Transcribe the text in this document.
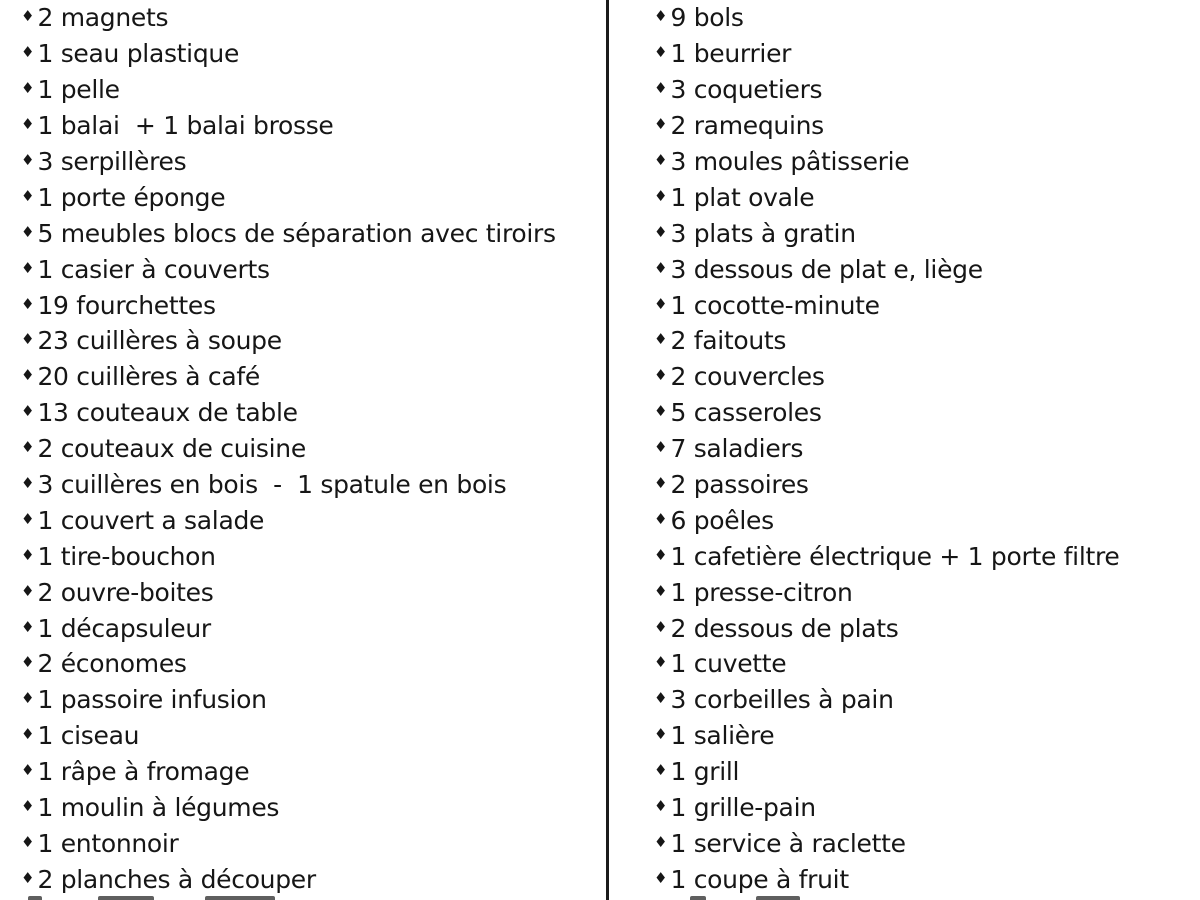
♦ 2 magnets
♦ 1 seau plastique
♦ 1 pelle
♦ 1 balai  + 1 balai brosse
♦ 3 serpillères
♦ 1 porte éponge
♦ 5 meubles blocs de séparation avec tiroirs
♦ 1 casier à couverts
♦ 19 fourchettes
♦ 23 cuillères à soupe
♦ 20 cuillères à café
♦ 13 couteaux de table
♦ 2 couteaux de cuisine
♦ 3 cuillères en bois  -  1 spatule en bois
♦ 1 couvert a salade
♦ 1 tire-bouchon
♦ 2 ouvre-boites
♦ 1 décapsuleur
♦ 2 économes
♦ 1 passoire infusion
♦ 1 ciseau
♦ 1 râpe à fromage
♦ 1 moulin à légumes
♦ 1 entonnoir
♦ 2 planches à découper
♦ 9 bols
♦ 1 beurrier
♦ 3 coquetiers
♦ 2 ramequins
♦ 3 moules pâtisserie
♦ 1 plat ovale
♦ 3 plats à gratin
♦ 3 dessous de plat e, liège
♦ 1 cocotte-minute
♦ 2 faitouts
♦ 2 couvercles
♦ 5 casseroles
♦ 7 saladiers
♦ 2 passoires
♦ 6 poêles
♦ 1 cafetière électrique + 1 porte filtre
♦ 1 presse-citron
♦ 2 dessous de plats
♦ 1 cuvette
♦ 3 corbeilles à pain
♦ 1 salière
♦ 1 grill
♦ 1 grille-pain
♦ 1 service à raclette
♦ 1 coupe à fruit
